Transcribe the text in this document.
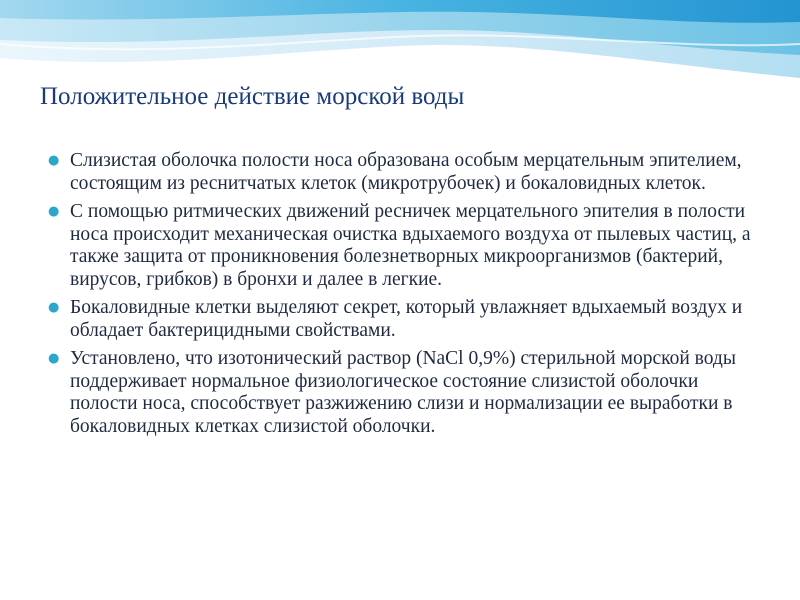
Положительное действие морской воды
● Слизистая оболочка полости носа образована особым мерцательным эпителием, состоящим из реснитчатых клеток (микротрубочек) и бокаловидных клеток.
● С помощью ритмических движений ресничек мерцательного эпителия в полости носа происходит механическая очистка вдыхаемого воздуха от пылевых частиц, а также защита от проникновения болезнетворных микроорганизмов (бактерий, вирусов, грибков) в бронхи и далее в легкие.
● Бокаловидные клетки выделяют секрет, который увлажняет вдыхаемый воздух и обладает бактерицидными свойствами.
● Установлено, что изотонический раствор (NaCl 0,9%) стерильной морской воды поддерживает нормальное физиологическое состояние слизистой оболочки полости носа, способствует разжижению слизи и нормализации ее выработки в бокаловидных клетках слизистой оболочки.
